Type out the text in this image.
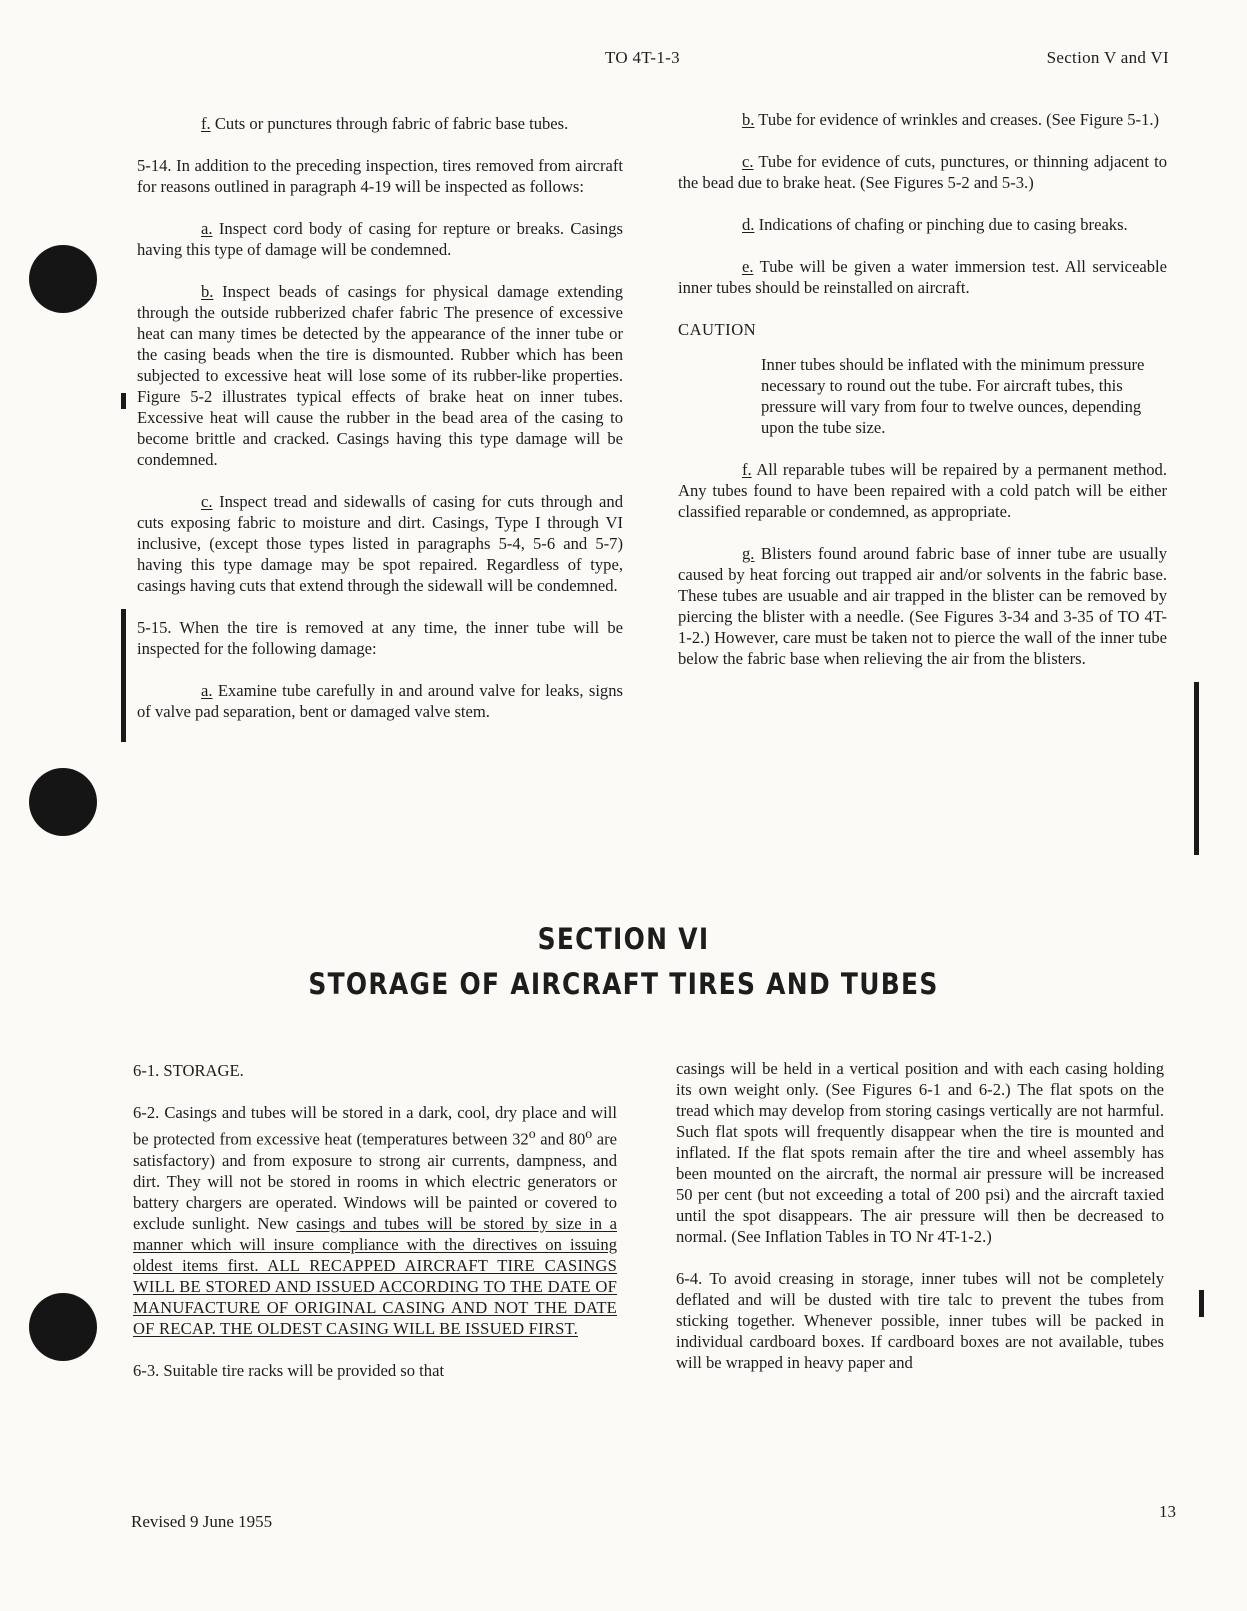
TO 4T-1-3	Section V and VI

f. Cuts or punctures through fabric of fabric base tubes.

5-14. In addition to the preceding inspection, tires removed from aircraft for reasons outlined in paragraph 4-19 will be inspected as follows:

a. Inspect cord body of casing for repture or breaks. Casings having this type of damage will be condemned.

b. Inspect beads of casings for physical damage extending through the outside rubberized chafer fabric The presence of excessive heat can many times be detected by the appearance of the inner tube or the casing beads when the tire is dismounted. Rubber which has been subjected to excessive heat will lose some of its rubber-like properties. Figure 5-2 illustrates typical effects of brake heat on inner tubes. Excessive heat will cause the rubber in the bead area of the casing to become brittle and cracked. Casings having this type damage will be condemned.

c. Inspect tread and sidewalls of casing for cuts through and cuts exposing fabric to moisture and dirt. Casings, Type I through VI inclusive, (except those types listed in paragraphs 5-4, 5-6 and 5-7) having this type damage may be spot repaired. Regardless of type, casings having cuts that extend through the sidewall will be condemned.

5-15. When the tire is removed at any time, the inner tube will be inspected for the following damage:

a. Examine tube carefully in and around valve for leaks, signs of valve pad separation, bent or damaged valve stem.

b. Tube for evidence of wrinkles and creases. (See Figure 5-1.)

c. Tube for evidence of cuts, punctures, or thinning adjacent to the bead due to brake heat. (See Figures 5-2 and 5-3.)

d. Indications of chafing or pinching due to casing breaks.

e. Tube will be given a water immersion test. All serviceable inner tubes should be reinstalled on aircraft.

CAUTION

Inner tubes should be inflated with the minimum pressure necessary to round out the tube. For aircraft tubes, this pressure will vary from four to twelve ounces, depending upon the tube size.

f. All reparable tubes will be repaired by a permanent method. Any tubes found to have been repaired with a cold patch will be either classified reparable or condemned, as appropriate.

g. Blisters found around fabric base of inner tube are usually caused by heat forcing out trapped air and/or solvents in the fabric base. These tubes are usuable and air trapped in the blister can be removed by piercing the blister with a needle. (See Figures 3-34 and 3-35 of TO 4T-1-2.) However, care must be taken not to pierce the wall of the inner tube below the fabric base when relieving the air from the blisters.

SECTION VI
STORAGE OF AIRCRAFT TIRES AND TUBES

6-1. STORAGE.

6-2. Casings and tubes will be stored in a dark, cool, dry place and will be protected from excessive heat (temperatures between 32$^o$ and 80$^o$ are satisfactory) and from exposure to strong air currents, dampness, and dirt. They will not be stored in rooms in which electric generators or battery chargers are operated. Windows will be painted or covered to exclude sunlight. New casings and tubes will be stored by size in a manner which will insure compliance with the directives on issuing oldest items first. ALL RECAPPED AIRCRAFT TIRE CASINGS WILL BE STORED AND ISSUED ACCORDING TO THE DATE OF MANUFACTURE OF ORIGINAL CASING AND NOT THE DATE OF RECAP. THE OLDEST CASING WILL BE ISSUED FIRST.

6-3. Suitable tire racks will be provided so that

casings will be held in a vertical position and with each casing holding its own weight only. (See Figures 6-1 and 6-2.) The flat spots on the tread which may develop from storing casings vertically are not harmful. Such flat spots will frequently disappear when the tire is mounted and inflated. If the flat spots remain after the tire and wheel assembly has been mounted on the aircraft, the normal air pressure will be increased 50 per cent (but not exceeding a total of 200 psi) and the aircraft taxied until the spot disappears. The air pressure will then be decreased to normal. (See Inflation Tables in TO Nr 4T-1-2.)

6-4. To avoid creasing in storage, inner tubes will not be completely deflated and will be dusted with tire talc to prevent the tubes from sticking together. Whenever possible, inner tubes will be packed in individual cardboard boxes. If cardboard boxes are not available, tubes will be wrapped in heavy paper and

Revised 9 June 1955
13
